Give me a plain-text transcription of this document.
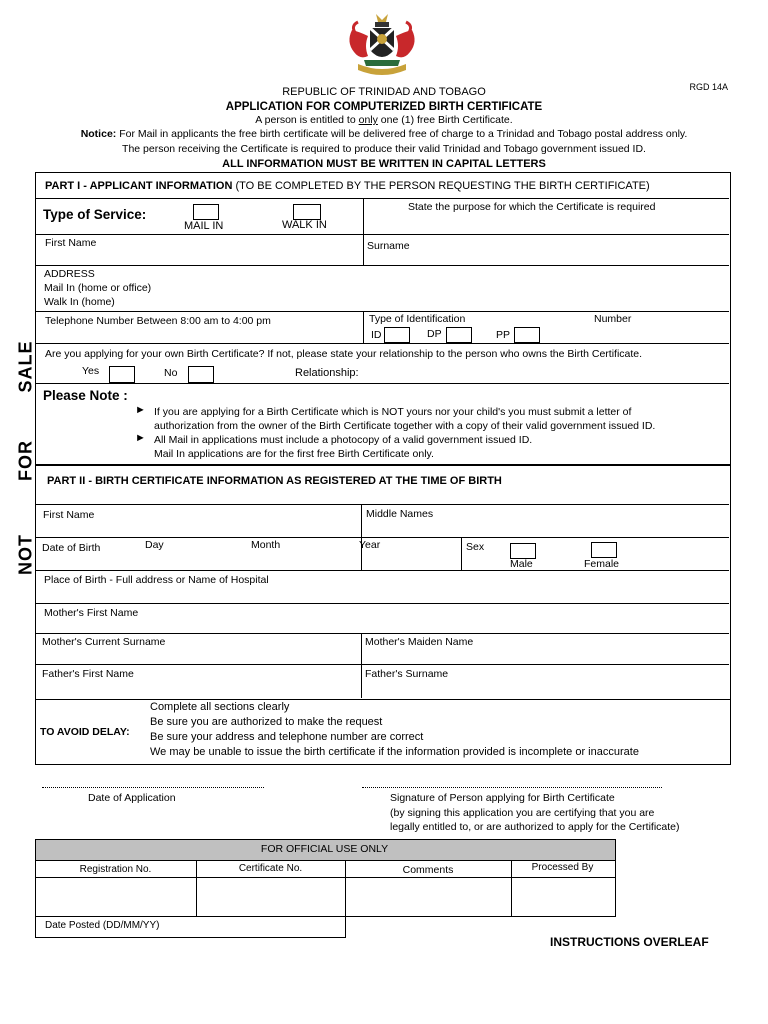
RGD 14A
REPUBLIC OF TRINIDAD AND TOBAGO
APPLICATION FOR COMPUTERIZED BIRTH CERTIFICATE
A person is entitled to only one (1) free Birth Certificate.
Notice: For Mail in applicants the free birth certificate will be delivered free of charge to a Trinidad and Tobago postal address only.
The person receiving the Certificate is required to produce their valid Trinidad and Tobago government issued ID.
ALL INFORMATION MUST BE WRITTEN IN CAPITAL LETTERS
SALE
FOR
NOT
PART I - APPLICANT INFORMATION (TO BE COMPLETED BY THE PERSON REQUESTING THE BIRTH CERTIFICATE)
Type of Service:
MAIL IN	WALK IN
State the purpose for which the Certificate is required
First Name	Surname
ADDRESS
Mail In (home or office)
Walk In (home)
Telephone Number Between 8:00 am to 4:00 pm	Type of Identification	Number
ID	DP	PP
Are you applying for your own Birth Certificate? If not, please state your relationship to the person who owns the Birth Certificate.
Yes	No	Relationship:
Please Note :
► If you are applying for a Birth Certificate which is NOT yours nor your child's you must submit a letter of
authorization from the owner of the Birth Certificate together with a copy of their valid government issued ID.
► All Mail in applications must include a photocopy of a valid government issued ID.
Mail In applications are for the first free Birth Certificate only.
PART II - BIRTH CERTIFICATE INFORMATION AS REGISTERED AT THE TIME OF BIRTH
First Name	Middle Names
Date of Birth	Day	Month	Year	Sex
Male	Female
Place of Birth - Full address or Name of Hospital
Mother's First Name
Mother's Current Surname	Mother's Maiden Name
Father's First Name	Father's Surname
TO AVOID DELAY:
Complete all sections clearly
Be sure you are authorized to make the request
Be sure your address and telephone number are correct
We may be unable to issue the birth certificate if the information provided is incomplete or inaccurate
Date of Application	Signature of Person applying for Birth Certificate
(by signing this application you are certifying that you are
legally entitled to, or are authorized to apply for the Certificate)
FOR OFFICIAL USE ONLY
Registration No.	Certificate No.	Comments	Processed By
Date Posted (DD/MM/YY)
INSTRUCTIONS OVERLEAF
